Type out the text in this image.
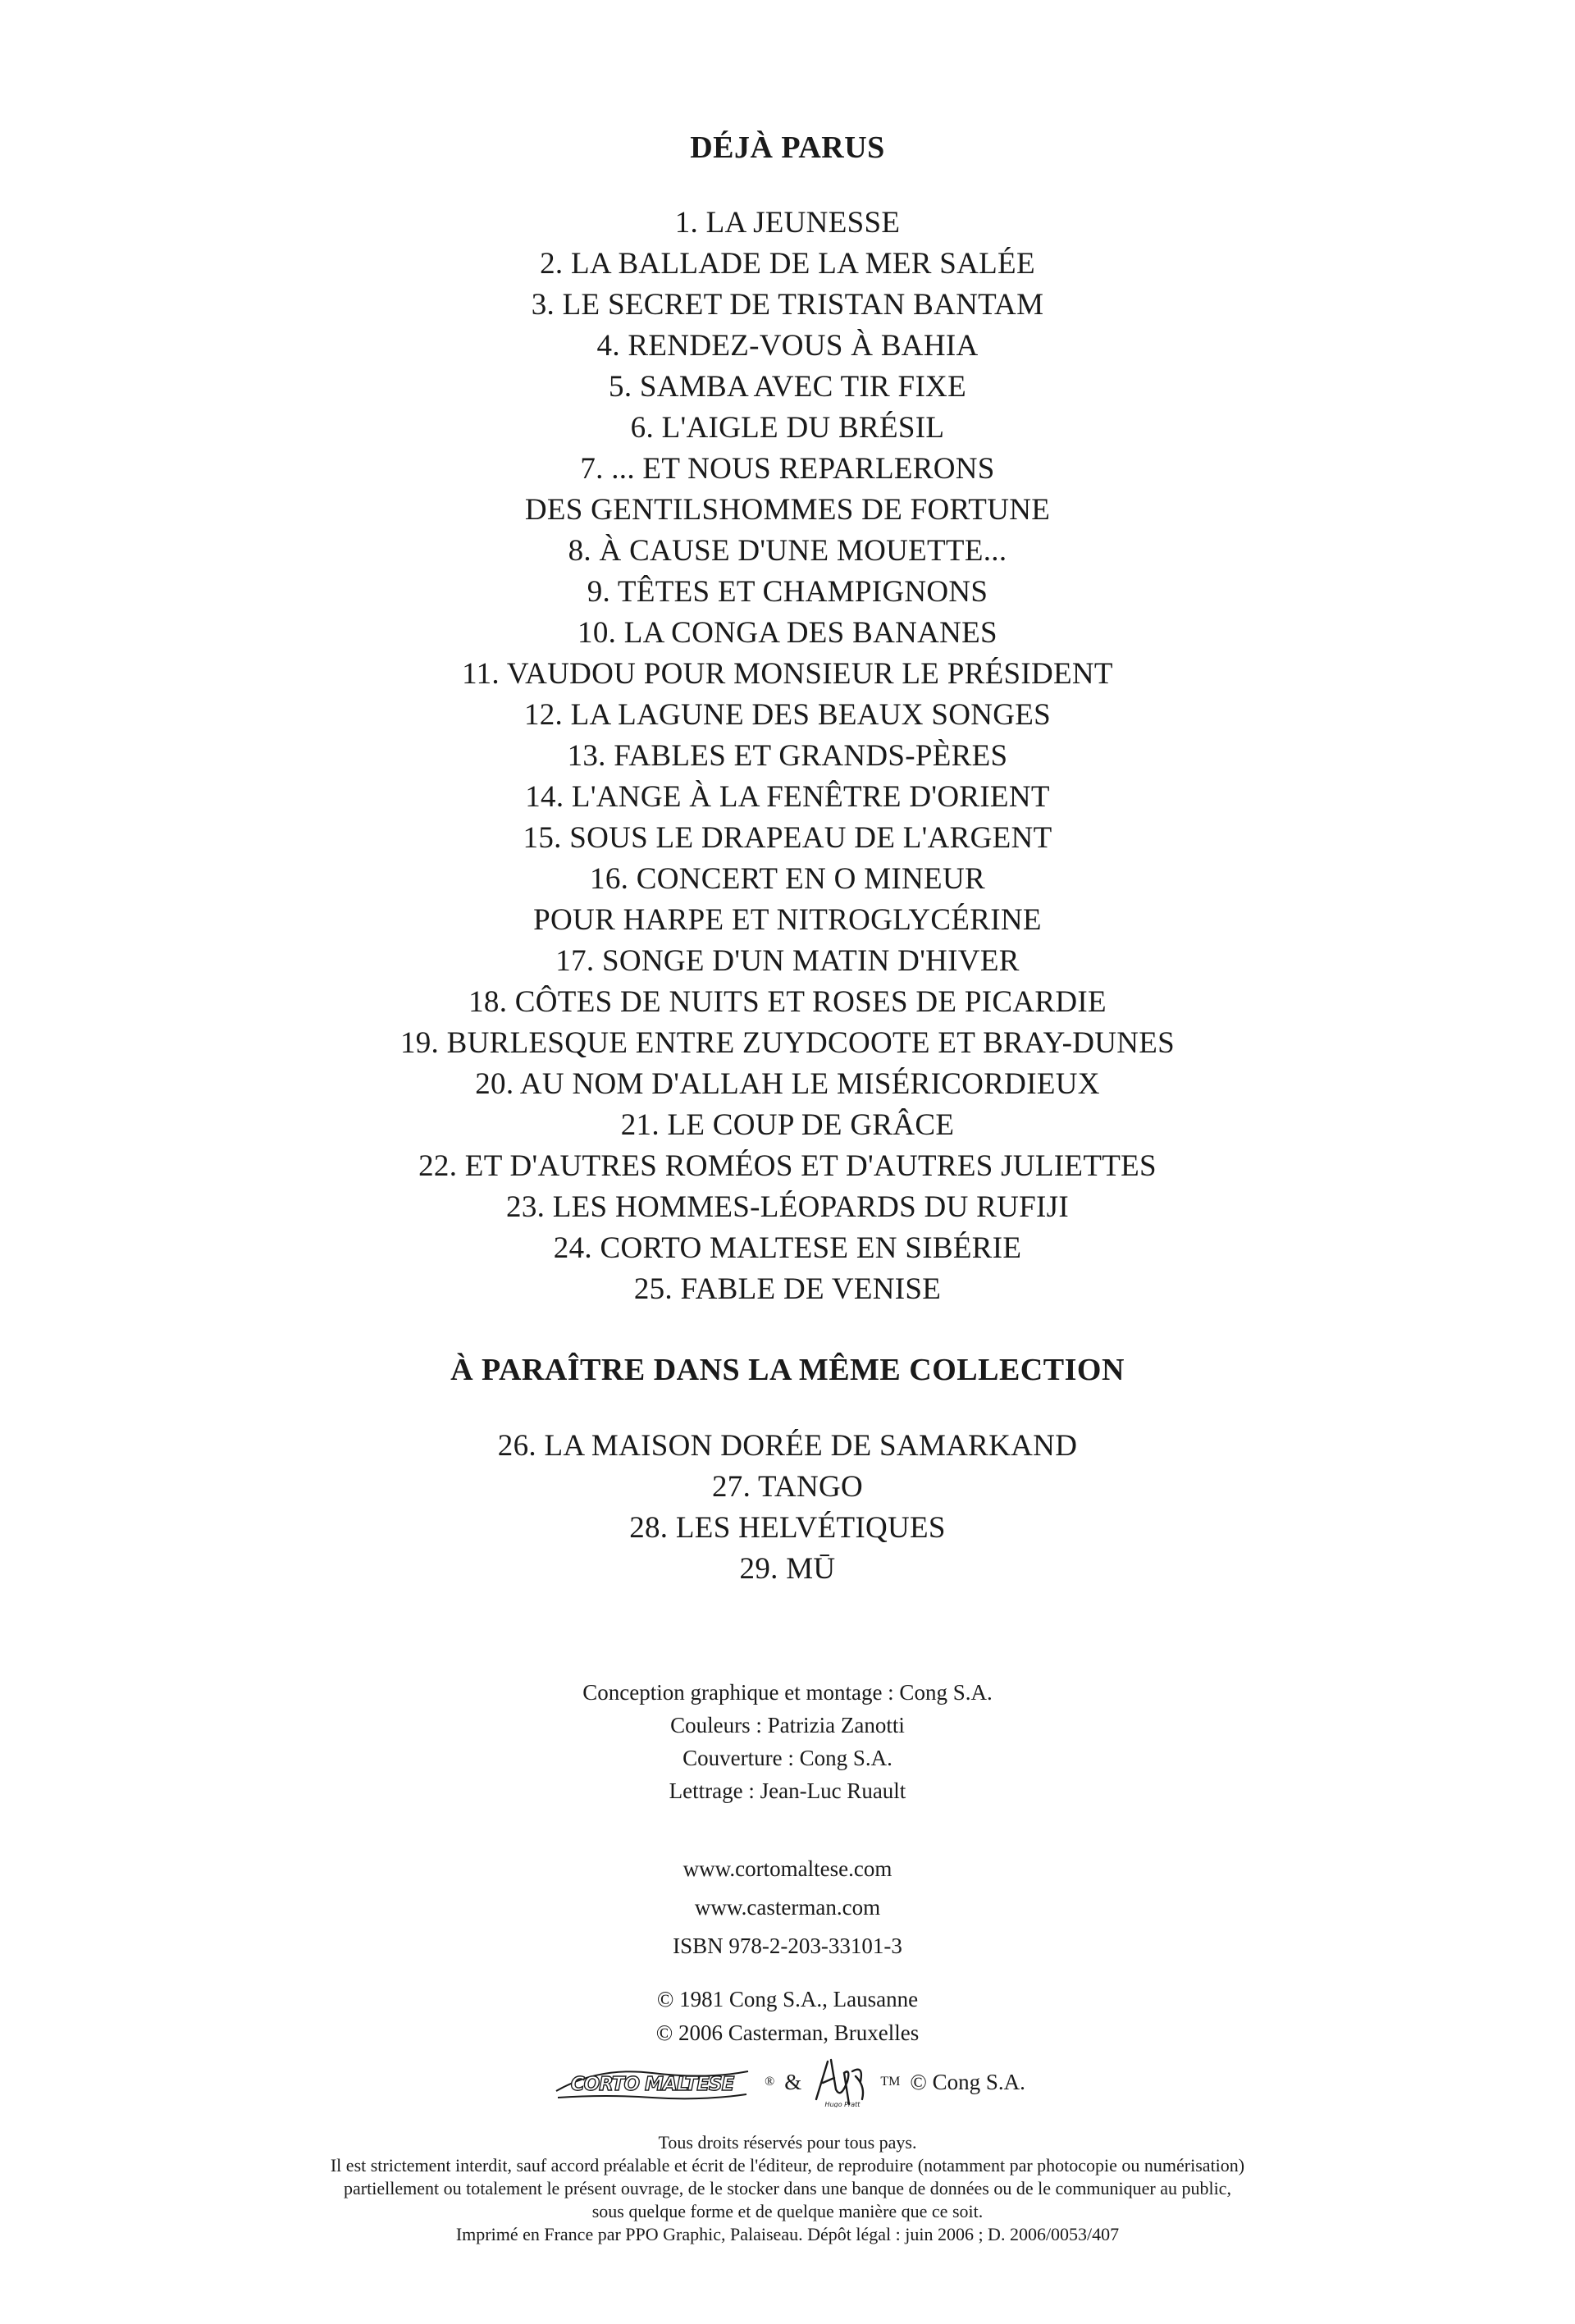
DÉJÀ PARUS
1. LA JEUNESSE
2. LA BALLADE DE LA MER SALÉE
3. LE SECRET DE TRISTAN BANTAM
4. RENDEZ-VOUS À BAHIA
5. SAMBA AVEC TIR FIXE
6. L'AIGLE DU BRÉSIL
7. ... ET NOUS REPARLERONS
DES GENTILSHOMMES DE FORTUNE
8. À CAUSE D'UNE MOUETTE...
9. TÊTES ET CHAMPIGNONS
10. LA CONGA DES BANANES
11. VAUDOU POUR MONSIEUR LE PRÉSIDENT
12. LA LAGUNE DES BEAUX SONGES
13. FABLES ET GRANDS-PÈRES
14. L'ANGE À LA FENÊTRE D'ORIENT
15. SOUS LE DRAPEAU DE L'ARGENT
16. CONCERT EN O MINEUR
POUR HARPE ET NITROGLYCÉRINE
17. SONGE D'UN MATIN D'HIVER
18. CÔTES DE NUITS ET ROSES DE PICARDIE
19. BURLESQUE ENTRE ZUYDCOOTE ET BRAY-DUNES
20. AU NOM D'ALLAH LE MISÉRICORDIEUX
21. LE COUP DE GRÂCE
22. ET D'AUTRES ROMÉOS ET D'AUTRES JULIETTES
23. LES HOMMES-LÉOPARDS DU RUFIJI
24. CORTO MALTESE EN SIBÉRIE
25. FABLE DE VENISE
À PARAÎTRE DANS LA MÊME COLLECTION
26. LA MAISON DORÉE DE SAMARKAND
27. TANGO
28. LES HELVÉTIQUES
29. MŪ
Conception graphique et montage : Cong S.A.
Couleurs : Patrizia Zanotti
Couverture : Cong S.A.
Lettrage : Jean-Luc Ruault
www.cortomaltese.com
www.casterman.com
ISBN 978-2-203-33101-3
© 1981 Cong S.A., Lausanne
© 2006 Casterman, Bruxelles
CORTO MALTESE ® &
Hugo Pratt
TM © Cong S.A.
Tous droits réservés pour tous pays.
Il est strictement interdit, sauf accord préalable et écrit de l'éditeur, de reproduire (notamment par photocopie ou numérisation)
partiellement ou totalement le présent ouvrage, de le stocker dans une banque de données ou de le communiquer au public,
sous quelque forme et de quelque manière que ce soit.
Imprimé en France par PPO Graphic, Palaiseau. Dépôt légal : juin 2006 ; D. 2006/0053/407
